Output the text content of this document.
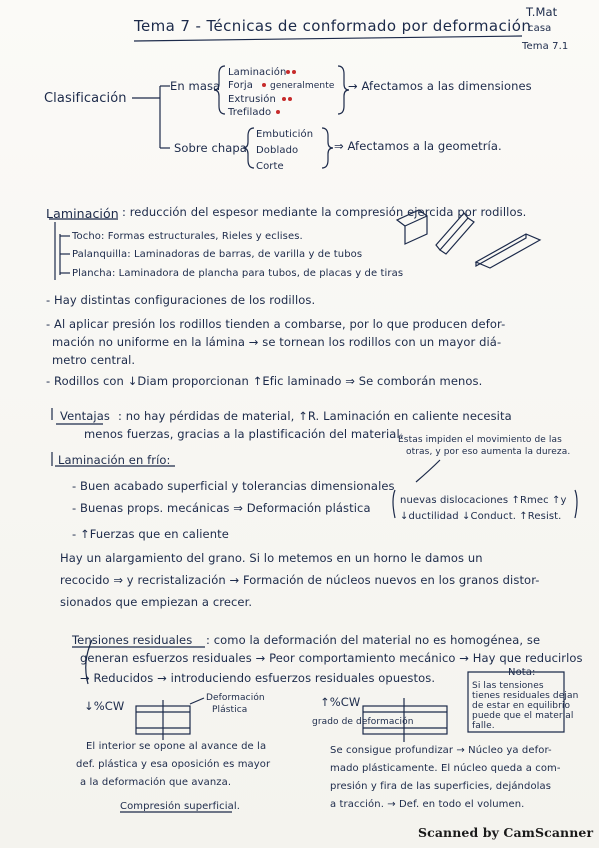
Tema 7 - Técnicas de conformado por deformación
T.Mat
casa
Tema 7.1
Clasificación
En masa
Laminación
Forja generalmente
Extrusión
Trefilado
→ Afectamos a las dimensiones
Sobre chapa
Embutición
Doblado
Corte
⇒ Afectamos a la geometría.
Laminación : reducción del espesor mediante la compresión ejercida por rodillos.
Tocho: Formas estructurales, Rieles y eclises.
Palanquilla: Laminadoras de barras, de varilla y de tubos
Plancha: Laminadora de plancha para tubos, de placas y de tiras
- Hay distintas configuraciones de los rodillos.
- Al aplicar presión los rodillos tienden a combarse, por lo que producen defor-
mación no uniforme en la lámina → se tornean los rodillos con un mayor diá-
metro central.
- Rodillos con ↓Diam proporcionan ↑Efic laminado ⇒ Se comborán menos.
Ventajas : no hay pérdidas de material, ↑R. Laminación en caliente necesita
menos fuerzas, gracias a la plastificación del material.
Laminación en frío:
Éstas impiden el movimiento de las
otras, y por eso aumenta la dureza.
- Buen acabado superficial y tolerancias dimensionales
- Buenas props. mecánicas ⇒ Deformación plástica
nuevas dislocaciones ↑Rmec ↑y
↓ductilidad ↓Conduct. ↑Resist.
- ↑Fuerzas que en caliente
Hay un alargamiento del grano. Si lo metemos en un horno le damos un
recocido ⇒ y recristalización → Formación de núcleos nuevos en los granos distor-
sionados que empiezan a crecer.
Tensiones residuales : como la deformación del material no es homogénea, se
generan esfuerzos residuales → Peor comportamiento mecánico → Hay que reducirlos
→ Reducidos → introduciendo esfuerzos residuales opuestos.	Nota:
Si las tensiones
tienes residuales dejan
de estar en equilibrio
puede que el material
falle.
↓%CW
Deformación
Plástica
↑%CW
grado de deformación
El interior se opone al avance de la
def. plástica y esa oposición es mayor
a la deformación que avanza.
Compresión superficial.
Se consigue profundizar → Núcleo ya defor-
mado plásticamente. El núcleo queda a com-
presión y fira de las superficies, dejándolas
a tracción. → Def. en todo el volumen.
Scanned by CamScanner
